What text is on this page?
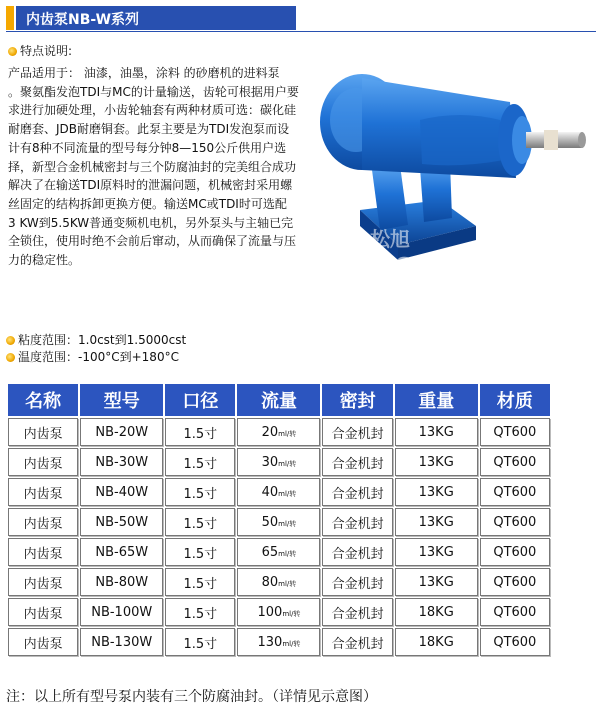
内齿泵NB-W系列
特点说明:

产品适用于： 油漆，油墨，涂料 的砂磨机的进料泵

。聚氨酯发泡TDI与MC的计量输送，齿轮可根据用户要

求进行加硬处理，小齿轮轴套有两种材质可选：碳化硅

耐磨套、JDB耐磨铜套。此泵主要是为TDI发泡泵而设

计有8种不同流量的型号每分钟8—150公斤供用户选

择，新型合金机械密封与三个防腐油封的完美组合成功

解决了在输送TDI原料时的泄漏问题，机械密封采用螺

丝固定的结构拆卸更换方便。输送MC或TDI时可选配

3 KW到5.5KW普通变频机电机，另外泵头与主轴已完

全锁住，使用时绝不会前后窜动，从而确保了流量与压

力的稳定性。

松旭
songxu
粘度范围：1.0cst到1.5000cst
温度范围：-100°C到+180°C
名称	型号	口径	流量	密封	重量	材质
内齿泵	NB-20W	1.5寸	20ml/转	合金机封	13KG	QT600
内齿泵	NB-30W	1.5寸	30ml/转	合金机封	13KG	QT600
内齿泵	NB-40W	1.5寸	40ml/转	合金机封	13KG	QT600
内齿泵	NB-50W	1.5寸	50ml/转	合金机封	13KG	QT600
内齿泵	NB-65W	1.5寸	65ml/转	合金机封	13KG	QT600
内齿泵	NB-80W	1.5寸	80ml/转	合金机封	13KG	QT600
内齿泵	NB-100W	1.5寸	100ml/转	合金机封	18KG	QT600
内齿泵	NB-130W	1.5寸	130ml/转	合金机封	18KG	QT600
注：以上所有型号泵内装有三个防腐油封。（详情见示意图）
